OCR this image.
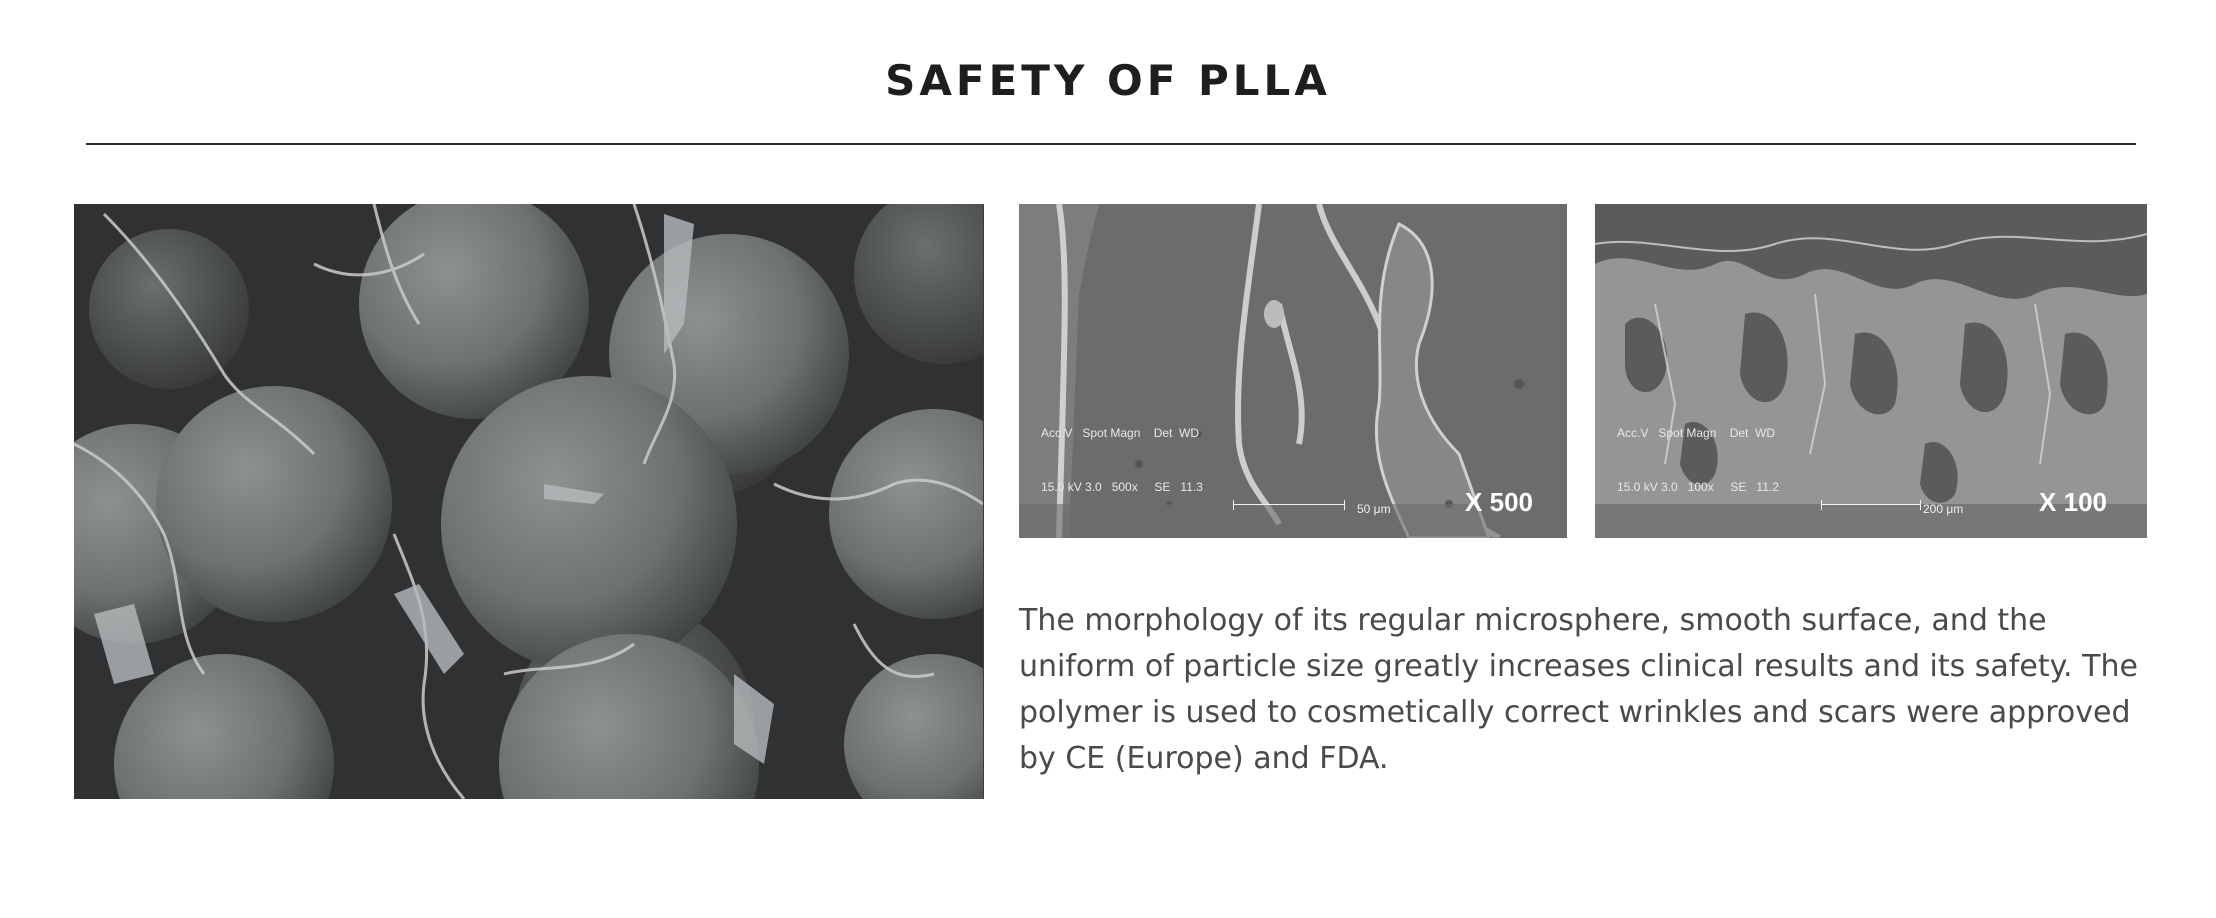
SAFETY OF PLLA

Acc.V   Spot Magn    Det  WD

15.0 kV 3.0   500x     SE   11.3

50 μm	X 500

Acc.V   Spot Magn    Det  WD

15.0 kV 3.0   100x     SE   11.2

200 μm	X 100

The morphology of its regular microsphere, smooth surface, and the uniform of particle size greatly increases clinical results and its safety. The polymer is used to cosmetically correct wrinkles and scars were approved by CE (Europe) and FDA.
